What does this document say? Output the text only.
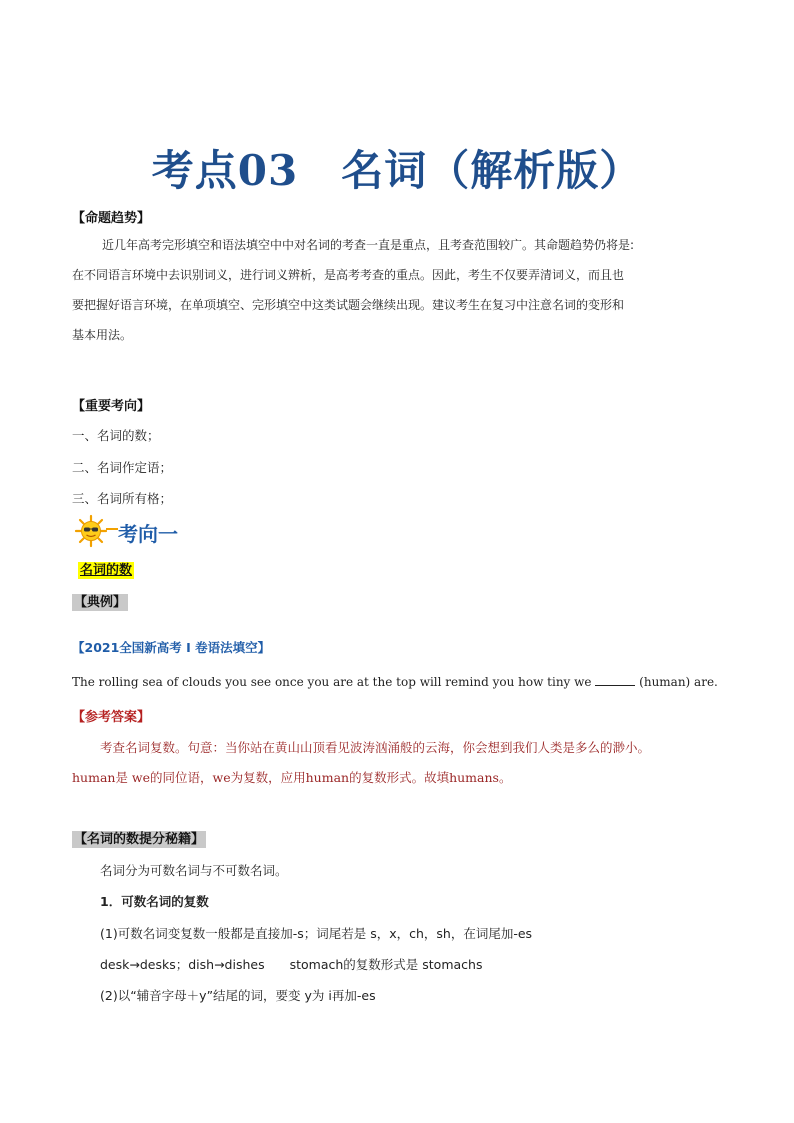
考点03　名词（解析版）
【命题趋势】

近几年高考完形填空和语法填空中中对名词的考查一直是重点，且考查范围较广。其命题趋势仍将是:

在不同语言环境中去识别词义，进行词义辨析，是高考考查的重点。因此，考生不仅要弄清词义，而且也

要把握好语言环境，在单项填空、完形填空中这类试题会继续出现。建议考生在复习中注意名词的变形和

基本用法。

【重要考向】
一、名词的数；
二、名词作定语；
三、名词所有格；
考向一
名词的数
【典例】
【2021全国新高考 I 卷语法填空】
The rolling sea of clouds you see once you are at the top will remind you how tiny we	(human) are.
【参考答案】
考查名词复数。句意：当你站在黄山山顶看见波涛汹涌般的云海，你会想到我们人类是多么的渺小。
human是 we的同位语，we为复数，应用human的复数形式。故填humans。
【名词的数提分秘籍】
名词分为可数名词与不可数名词。
1．可数名词的复数
(1)可数名词变复数一般都是直接加-s；词尾若是 s，x，ch，sh，在词尾加-es
desk→desks；dish→dishes　　stomach的复数形式是 stomachs
(2)以“辅音字母＋y”结尾的词，要变 y为 i再加-es
